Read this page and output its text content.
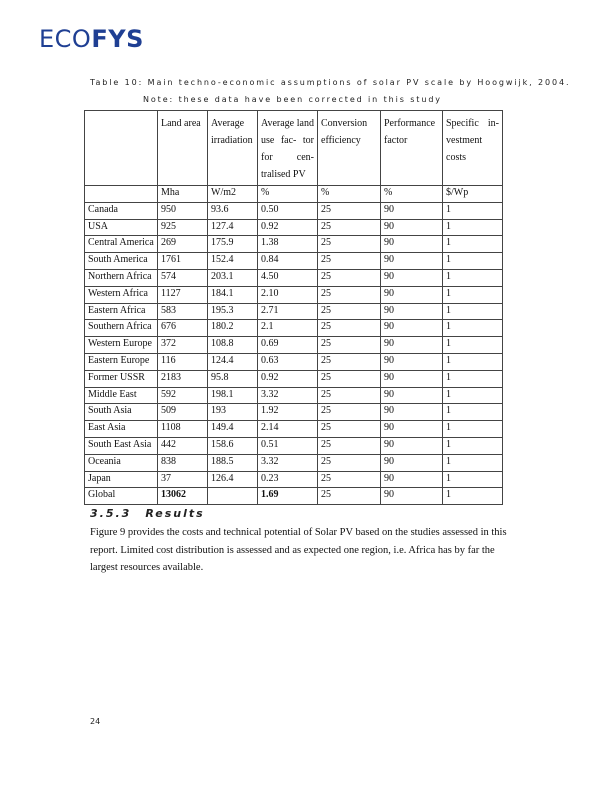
ECOFYS
Table 10: Main techno-economic assumptions of solar PV scale by Hoogwijk, 2004.
Note: these data have been corrected in this study
	Land area	Average irradiation	Average land use fac- tor for cen- tralised PV	Conversion efficiency	Performance factor	Specific in- vestment costs
	Mha	W/m2	%	%	%	$/Wp
Canada	950	93.6	0.50	25	90	1
USA	925	127.4	0.92	25	90	1
Central America	269	175.9	1.38	25	90	1
South America	1761	152.4	0.84	25	90	1
Northern Africa	574	203.1	4.50	25	90	1
Western Africa	1127	184.1	2.10	25	90	1
Eastern Africa	583	195.3	2.71	25	90	1
Southern Africa	676	180.2	2.1	25	90	1
Western Europe	372	108.8	0.69	25	90	1
Eastern Europe	116	124.4	0.63	25	90	1
Former USSR	2183	95.8	0.92	25	90	1
Middle East	592	198.1	3.32	25	90	1
South Asia	509	193	1.92	25	90	1
East Asia	1108	149.4	2.14	25	90	1
South East Asia	442	158.6	0.51	25	90	1
Oceania	838	188.5	3.32	25	90	1
Japan	37	126.4	0.23	25	90	1
Global	13062		1.69	25	90	1
3.5.3 Results
Figure 9 provides the costs and technical potential of Solar PV based on the studies assessed in this report. Limited cost distribution is assessed and as expected one region, i.e. Africa has by far the largest resources available.
24
